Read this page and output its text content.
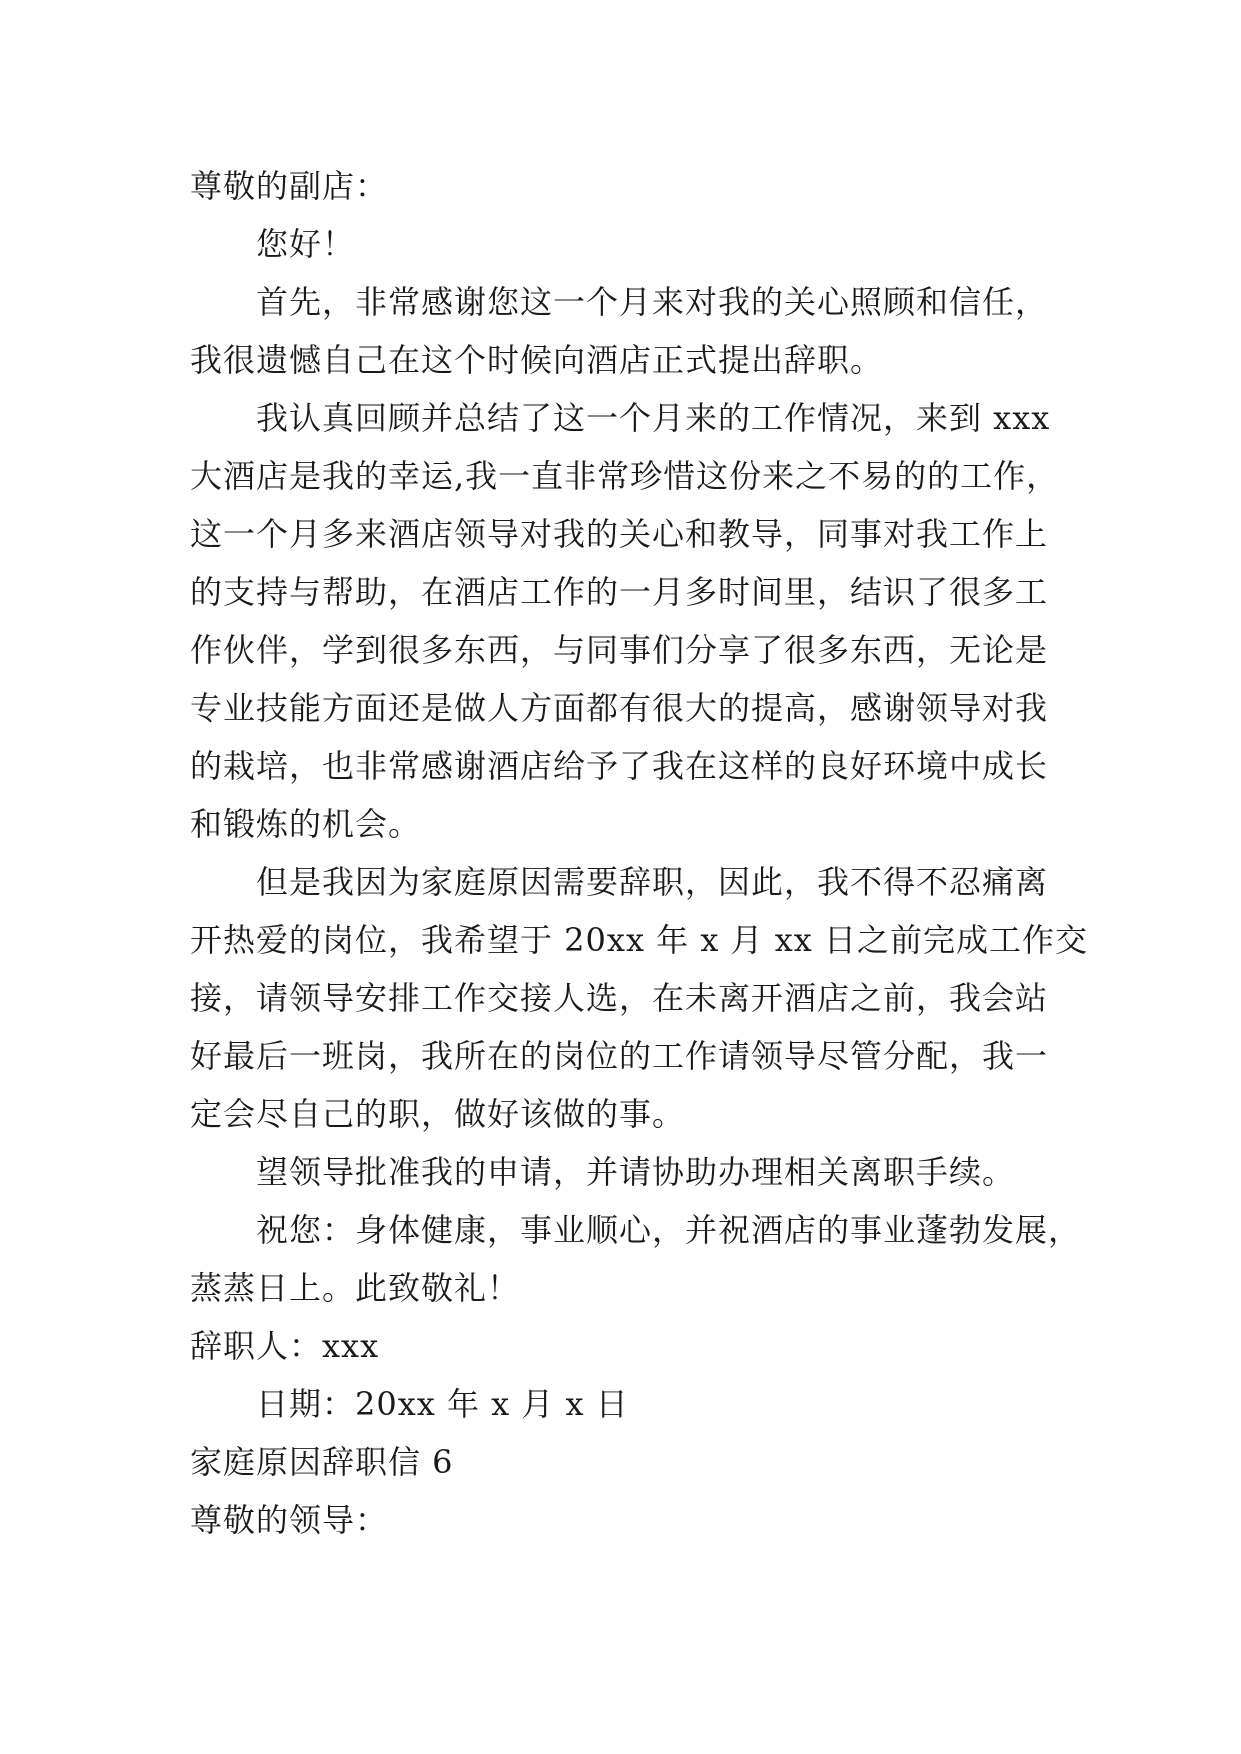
尊敬的副店：
您好！
首先，非常感谢您这一个月来对我的关心照顾和信任，
我很遗憾自己在这个时候向酒店正式提出辞职。
我认真回顾并总结了这一个月来的工作情况，来到 xxx
大酒店是我的幸运,我一直非常珍惜这份来之不易的的工作，
这一个月多来酒店领导对我的关心和教导，同事对我工作上
的支持与帮助，在酒店工作的一月多时间里，结识了很多工
作伙伴，学到很多东西，与同事们分享了很多东西，无论是
专业技能方面还是做人方面都有很大的提高，感谢领导对我
的栽培，也非常感谢酒店给予了我在这样的良好环境中成长
和锻炼的机会。
但是我因为家庭原因需要辞职，因此，我不得不忍痛离
开热爱的岗位，我希望于 20xx 年 x 月 xx 日之前完成工作交
接，请领导安排工作交接人选，在未离开酒店之前，我会站
好最后一班岗，我所在的岗位的工作请领导尽管分配，我一
定会尽自己的职，做好该做的事。
望领导批准我的申请，并请协助办理相关离职手续。
祝您：身体健康，事业顺心，并祝酒店的事业蓬勃发展，
蒸蒸日上。此致敬礼！
辞职人：xxx
日期：20xx 年 x 月 x 日
家庭原因辞职信 6
尊敬的领导：
